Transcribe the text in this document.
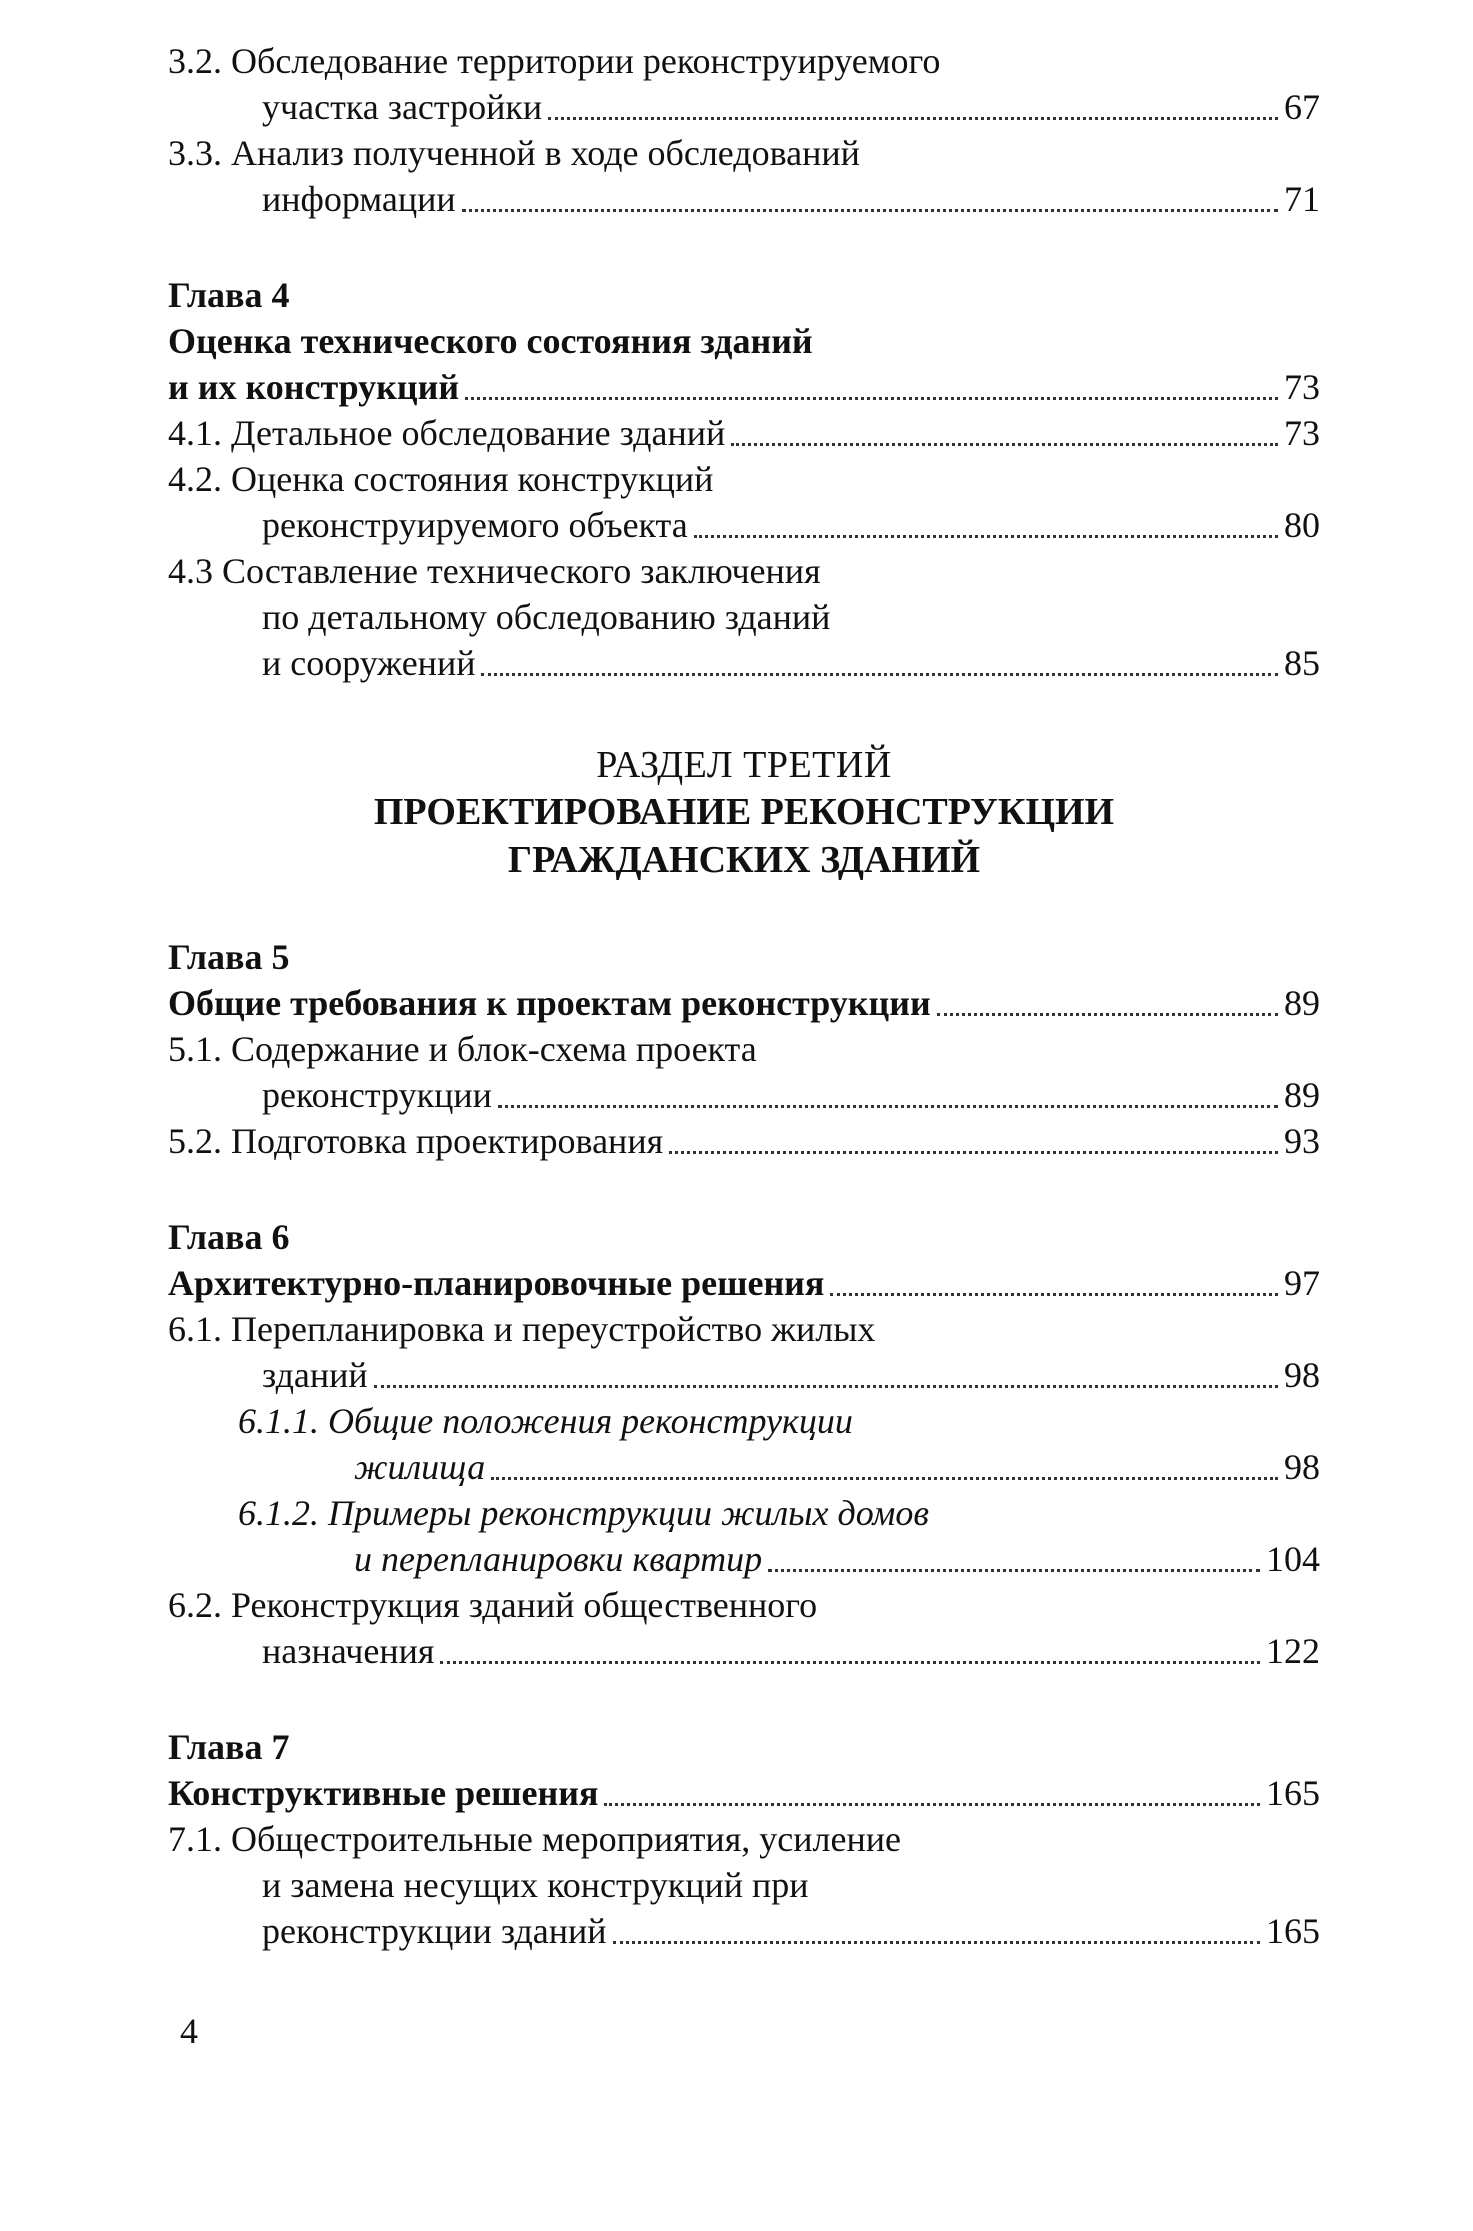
3.2. Обследование территории реконструируемого
участка застройки	67
3.3. Анализ полученной в ходе обследований
информации	71
Глава 4
Оценка технического состояния зданий
и их конструкций	73
4.1. Детальное обследование зданий	73
4.2. Оценка состояния конструкций
реконструируемого объекта	80
4.3 Составление технического заключения
по детальному обследованию зданий
и сооружений	85
РАЗДЕЛ ТРЕТИЙ
ПРОЕКТИРОВАНИЕ РЕКОНСТРУКЦИИ
ГРАЖДАНСКИХ ЗДАНИЙ
Глава 5
Общие требования к проектам реконструкции	89
5.1. Содержание и блок-схема проекта
реконструкции	89
5.2. Подготовка проектирования	93
Глава 6
Архитектурно-планировочные решения	97
6.1. Перепланировка и переустройство жилых
зданий	98
6.1.1. Общие положения реконструкции
жилища	98
6.1.2. Примеры реконструкции жилых домов
и перепланировки квартир	104
6.2. Реконструкция зданий общественного
назначения	122
Глава 7
Конструктивные решения	165
7.1. Общестроительные мероприятия, усиление
и замена несущих конструкций при
реконструкции зданий	165
4
